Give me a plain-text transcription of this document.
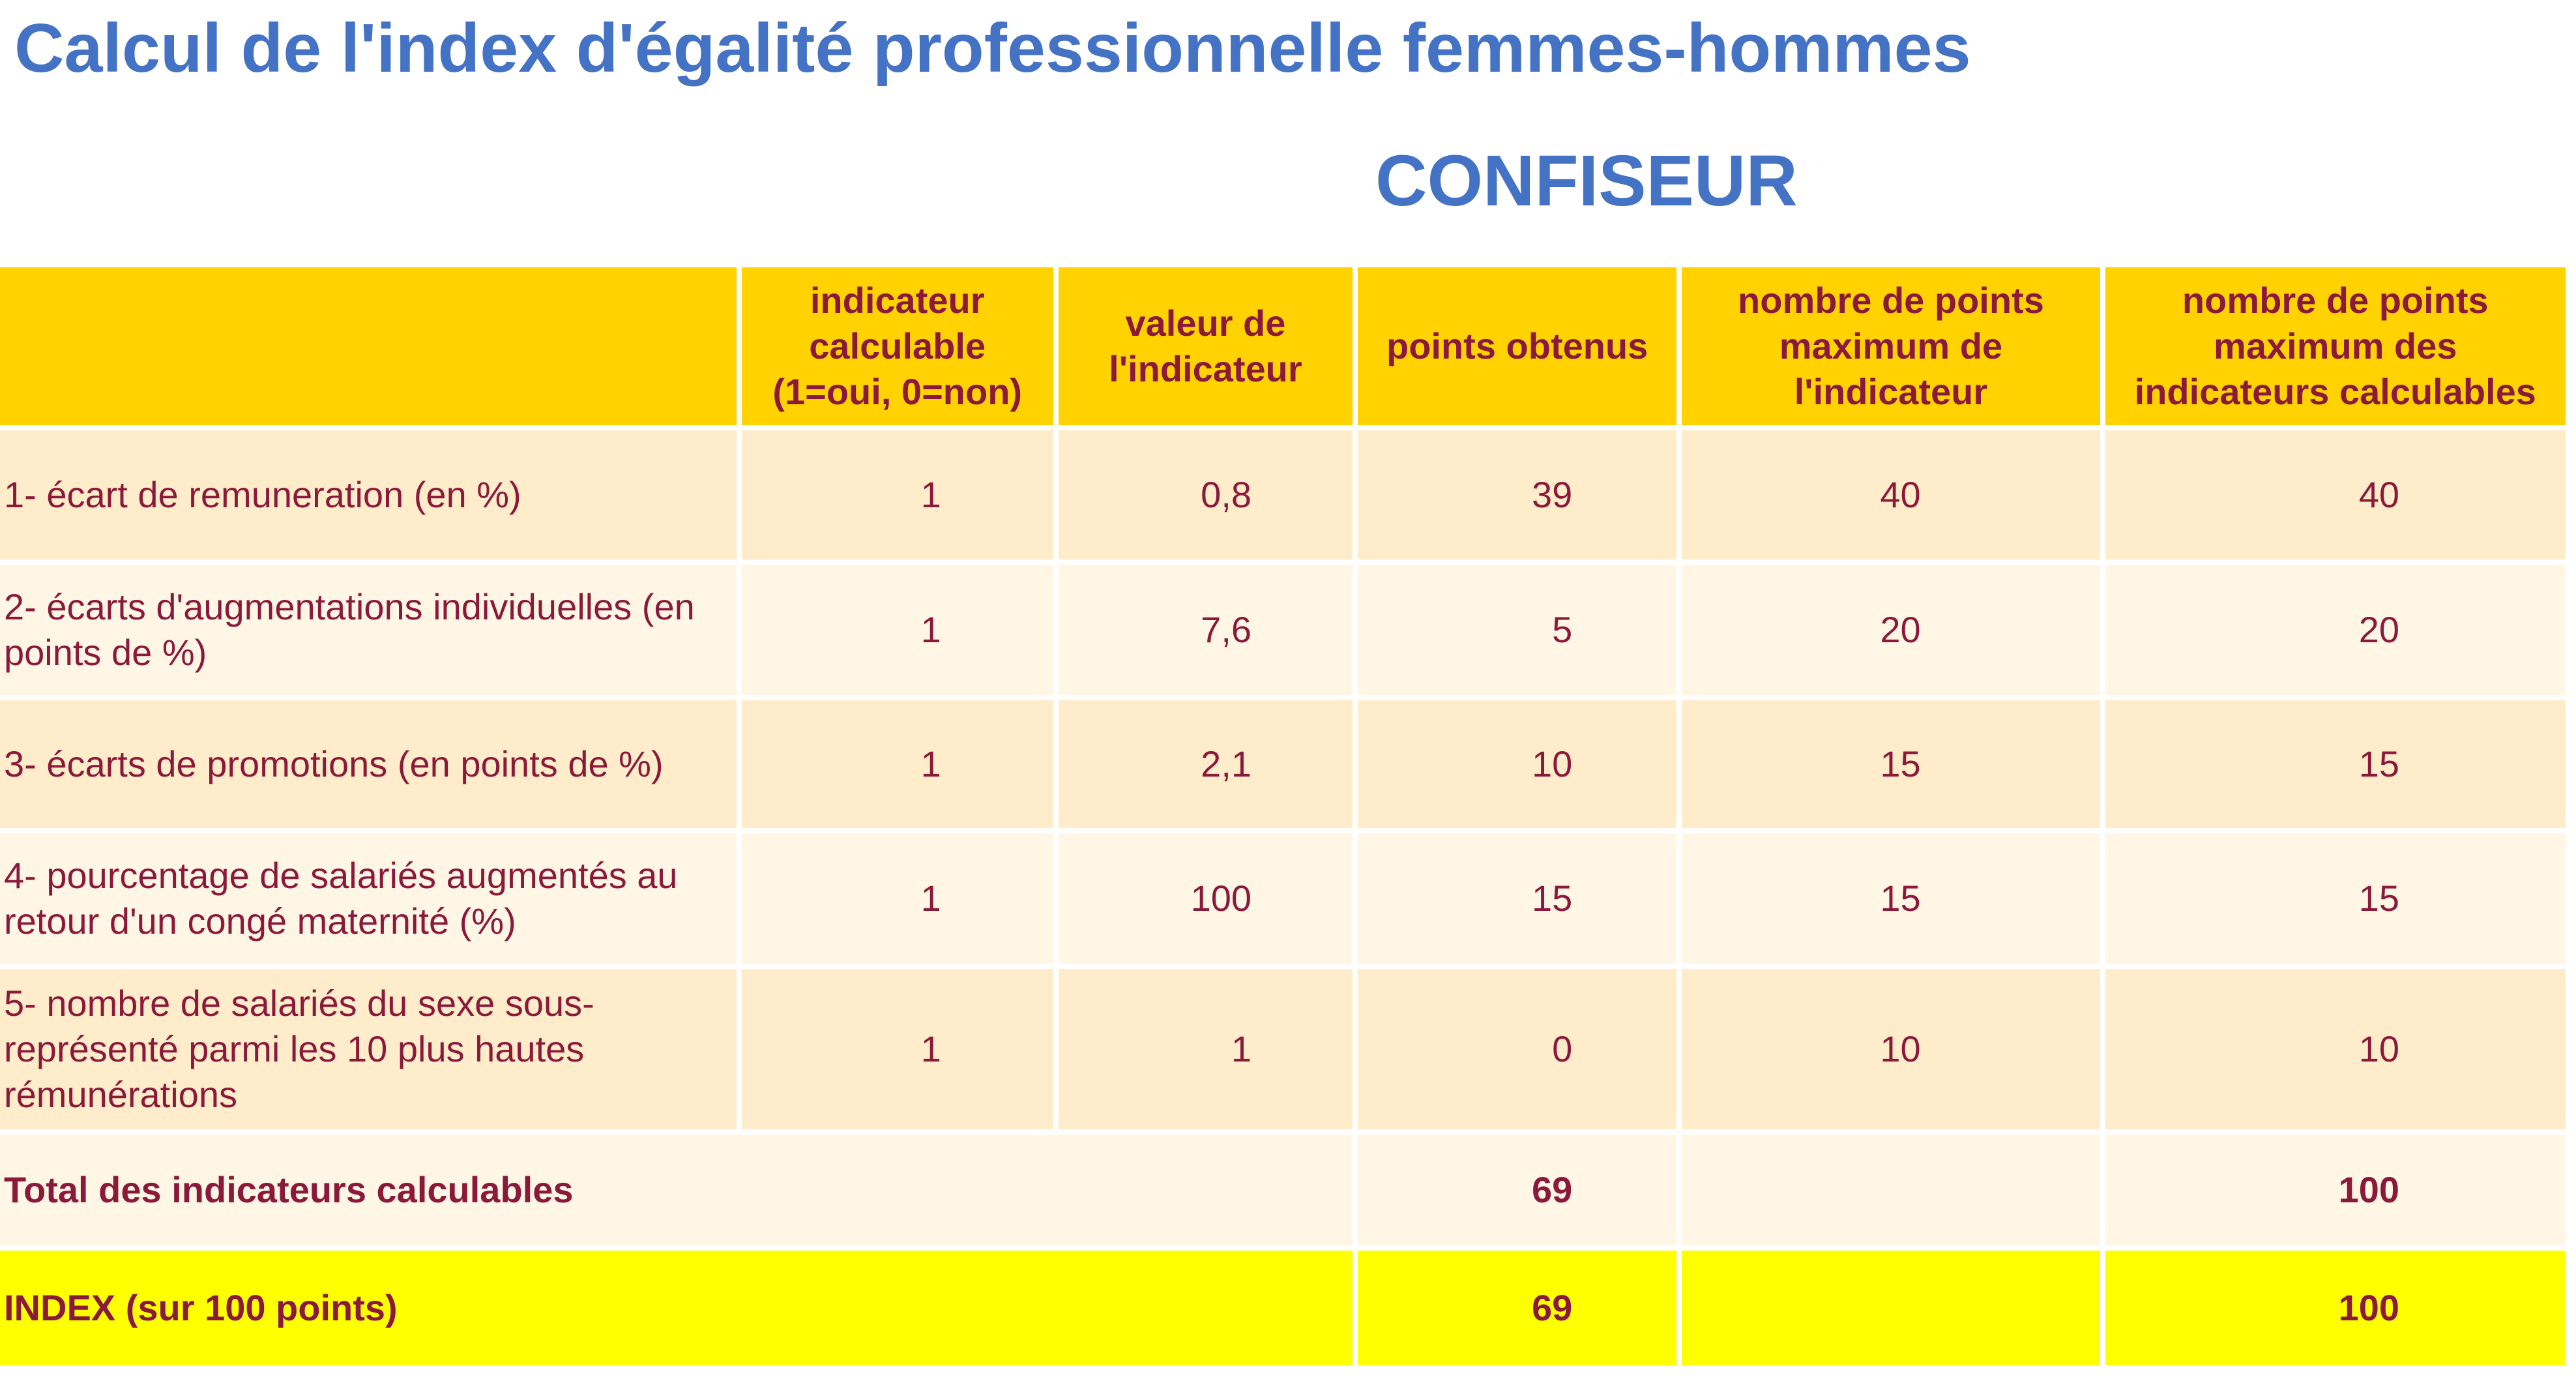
Calcul de l'index d'égalité professionnelle femmes-hommes
CONFISEUR
	indicateur calculable (1=oui, 0=non)	valeur de l'indicateur	points obtenus	nombre de points maximum de l'indicateur	nombre de points maximum des indicateurs calculables
1- écart de remuneration (en %)	1	0,8	39	40	40
2- écarts d'augmentations individuelles (en points de %)	1	7,6	5	20	20
3- écarts de promotions (en points de %)	1	2,1	10	15	15
4- pourcentage de salariés augmentés au retour d'un congé maternité (%)	1	100	15	15	15
5- nombre de salariés du sexe sous-représenté parmi les 10 plus hautes rémunérations	1	1	0	10	10
Total des indicateurs calculables			69		100
INDEX (sur 100 points)			69		100
